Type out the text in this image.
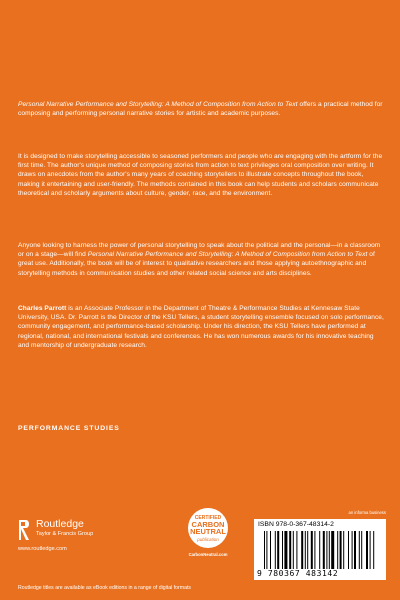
Personal Narrative Performance and Storytelling: A Method of Composition from Action to Text offers a practical method for composing and performing personal narrative stories for artistic and academic purposes.

It is designed to make storytelling accessible to seasoned performers and people who are engaging with the artform for the first time. The author's unique method of composing stories from action to text privileges oral composition over writing. It draws on anecdotes from the author's many years of coaching storytellers to illustrate concepts throughout the book, making it entertaining and user-friendly. The methods contained in this book can help students and scholars communicate theoretical and scholarly arguments about culture, gender, race, and the environment.

Anyone looking to harness the power of personal storytelling to speak about the political and the personal—in a classroom or on a stage—will find Personal Narrative Performance and Storytelling: A Method of Composition from Action to Text of great use. Additionally, the book will be of interest to qualitative researchers and those applying autoethnographic and storytelling methods in communication studies and other related social science and arts disciplines.

Charles Parrott is an Associate Professor in the Department of Theatre & Performance Studies at Kennesaw State University, USA. Dr. Parrott is the Director of the KSU Tellers, a student storytelling ensemble focused on solo performance, community engagement, and performance-based scholarship. Under his direction, the KSU Tellers have performed at regional, national, and international festivals and conferences. He has won numerous awards for his innovative teaching and mentorship of undergraduate research.

PERFORMANCE STUDIES
Routledge
Taylor & Francis Group
www.routledge.com
CERTIFIED
CARBON
NEUTRAL
publication
CarbonNeutral.com
an informa business
ISBN 978-0-367-48314-2
9 780367 483142
Routledge titles are available as eBook editions in a range of digital formats
